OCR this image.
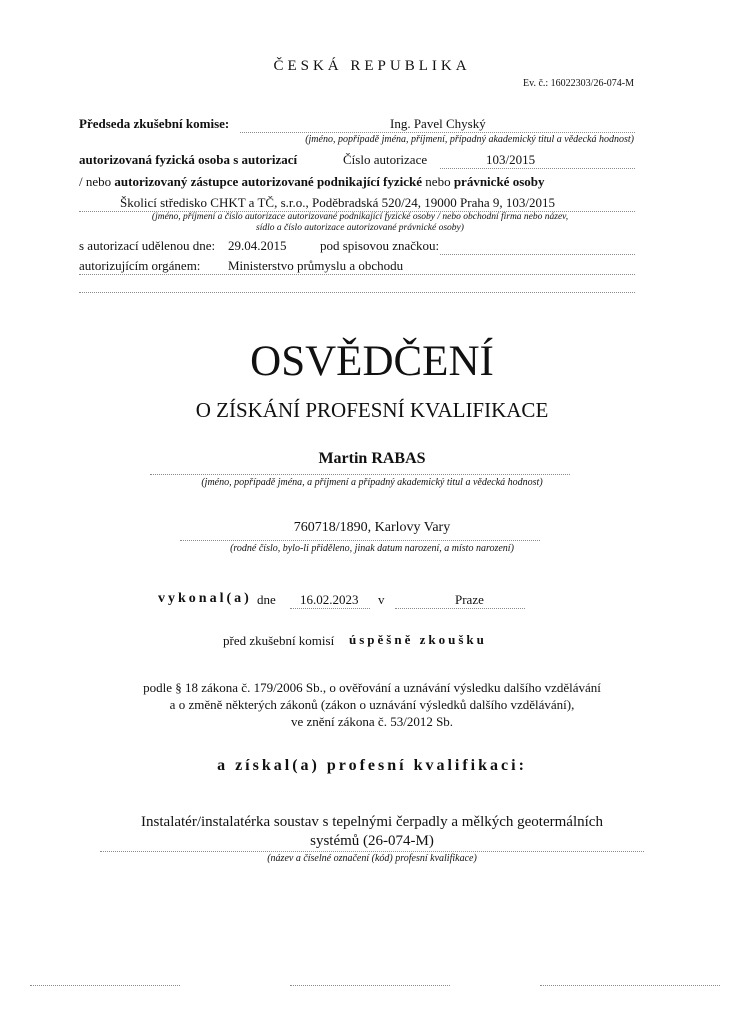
ČESKÁ REPUBLIKA
Ev. č.: 16022303/26-074-M
Předseda zkušební komise:	Ing. Pavel Chyský
(jméno, popřípadě jména, příjmení, případný akademický titul a vědecká hodnost)
autorizovaná fyzická osoba s autorizací	Číslo autorizace	103/2015
/ nebo autorizovaný zástupce autorizované podnikající fyzické nebo právnické osoby
Školicí středisko CHKT a TČ, s.r.o., Poděbradská 520/24, 19000 Praha 9, 103/2015
(jméno, příjmení a číslo autorizace autorizované podnikající fyzické osoby / nebo obchodní firma nebo název,
sídlo a číslo autorizace autorizované právnické osoby)
s autorizací udělenou dne: 29.04.2015	pod spisovou značkou:
autorizujícím orgánem: Ministerstvo průmyslu a obchodu
OSVĚDČENÍ
O ZÍSKÁNÍ PROFESNÍ KVALIFIKACE
Martin RABAS
(jméno, popřípadě jména, a příjmení a případný akademický titul a vědecká hodnost)
760718/1890, Karlovy Vary
(rodné číslo, bylo-li přiděleno, jinak datum narození, a místo narození)
vykonal(a) dne 16.02.2023 v	Praze
před zkušební komisí úspěšně zkoušku
podle § 18 zákona č. 179/2006 Sb., o ověřování a uznávání výsledku dalšího vzdělávání
a o změně některých zákonů (zákon o uznávání výsledků dalšího vzdělávání),
ve znění zákona č. 53/2012 Sb.
a získal(a) profesní kvalifikaci:
Instalatér/instalatérka soustav s tepelnými čerpadly a mělkých geotermálních
systémů (26-074-M)
(název a číselné označení (kód) profesní kvalifikace)
